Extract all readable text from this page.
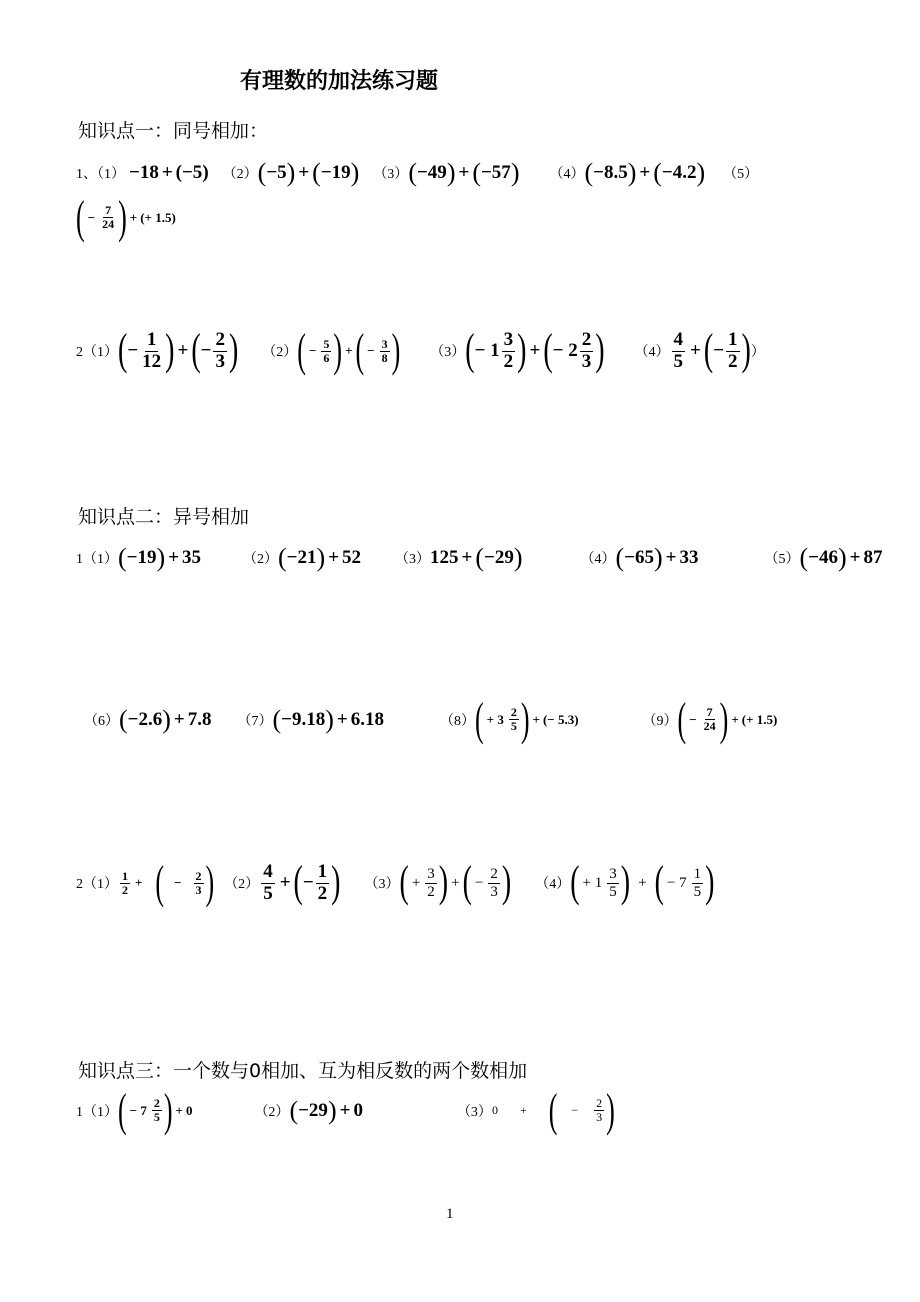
有理数的加法练习题
知识点一：同号相加：
1、（1） −18 + ( −5 ) （2） ( −5 ) + ( −19 ) （3） ( −49 ) + ( −57 ) （4） ( −8.5 ) + ( −4.2 ) （5）
( − $\frac{7}{24}$ ) + ( + 1.5 )
2（1） ( − $\frac{1}{12}$ ) + ( − $\frac{2}{3}$ ) （2） ( − $\frac{5}{6}$ ) + ( − $\frac{3}{8}$ ) （3） ( − $1 \frac{3}{2}$ ) + ( − $2 \frac{2}{3}$ ) $(4) \frac{4}{5}$ + ( − $\frac{1}{2}$ ) ）
知识点二：异号相加
1（1） ( −19 ) + 35	（2） ( −21 ) + 52 （3） 125 + ( −29 )	（4） ( −65 ) + 33	（5） ( −46 ) + 87
（6） ( −2.6 ) + 7.8 （7） ( −9.18 ) + 6.18	（8） ( + $3 \frac{2}{5}$ ) + ( − 5.3 )	（9） ( − $\frac{7}{24}$ ) + ( + 1.5 )
$2(1) \frac{1}{2}$ + ( − $\frac{2}{3}$ ) $(2) \frac{4}{5}$ + ( − $\frac{1}{2}$ ) （3） ( + $\frac{3}{2}$ ) + ( − $\frac{2}{3}$ ) （4） ( + $1 \frac{3}{5}$ ) + ( − $7 \frac{1}{5}$ )
知识点三：一个数与0相加、互为相反数的两个数相加
1（1） ( − $7 \frac{2}{5}$ ) + 0	（2） ( −29 ) + 0	（3） 0 + ( − $\frac{2}{3}$ )
1
